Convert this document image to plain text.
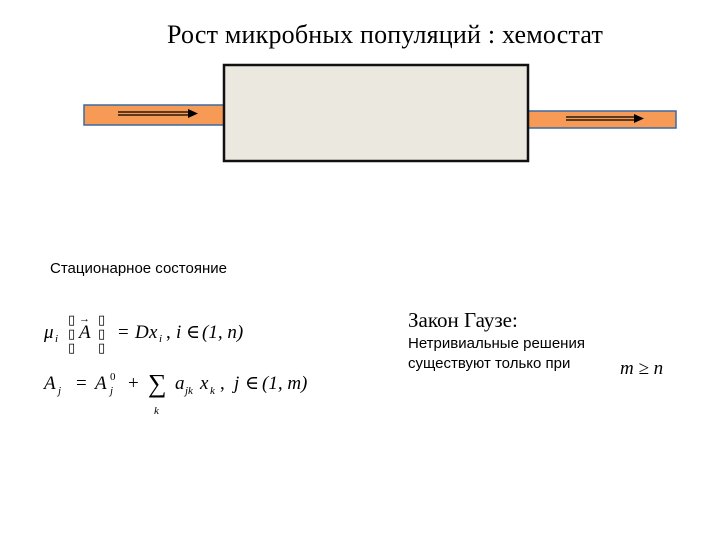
Рост микробных популяций : хемостат
Стационарное состояние
μ i
▯
▯
▯
→
A
▯
▯
▯
= D x i , i ∈ (1, n)
A j = A 0
j + ∑
k
a jk x k , j ∈ (1, m)
Закон Гаузе:
Нетривиальные решения
существуют только при	m ≥ n
